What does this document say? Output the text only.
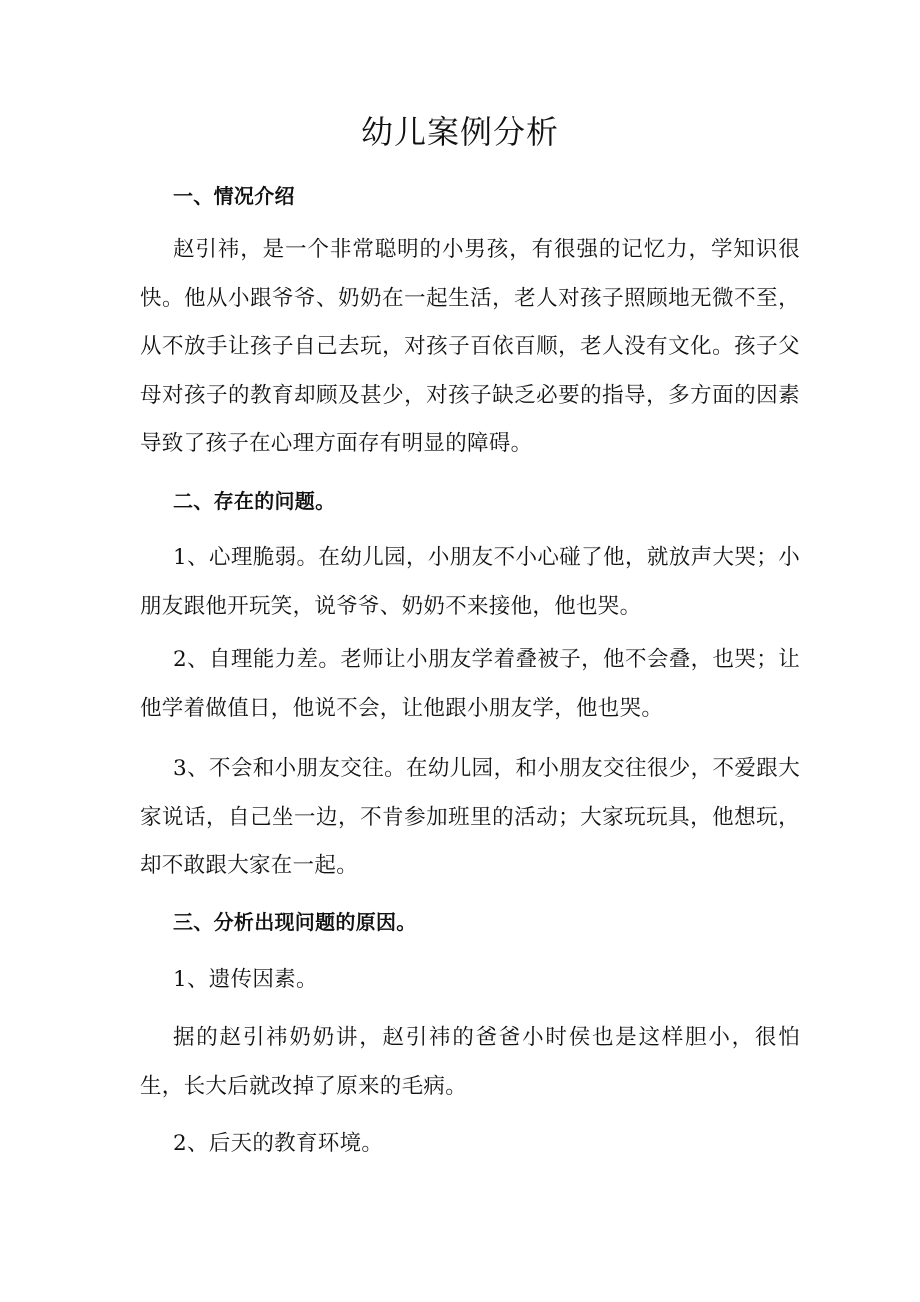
幼儿案例分析

一、情况介绍

赵引祎，是一个非常聪明的小男孩，有很强的记忆力，学知识很快。他从小跟爷爷、奶奶在一起生活，老人对孩子照顾地无微不至，从不放手让孩子自己去玩，对孩子百依百顺，老人没有文化。孩子父母对孩子的教育却顾及甚少，对孩子缺乏必要的指导，多方面的因素导致了孩子在心理方面存有明显的障碍。

二、存在的问题。

1、心理脆弱。在幼儿园，小朋友不小心碰了他，就放声大哭；小朋友跟他开玩笑，说爷爷、奶奶不来接他，他也哭。

2、自理能力差。老师让小朋友学着叠被子，他不会叠，也哭；让他学着做值日，他说不会，让他跟小朋友学，他也哭。

3、不会和小朋友交往。在幼儿园，和小朋友交往很少，不爱跟大家说话，自己坐一边，不肯参加班里的活动；大家玩玩具，他想玩，却不敢跟大家在一起。

三、分析出现问题的原因。

1、遗传因素。

据的赵引祎奶奶讲，赵引祎的爸爸小时侯也是这样胆小，很怕生，长大后就改掉了原来的毛病。

2、后天的教育环境。
